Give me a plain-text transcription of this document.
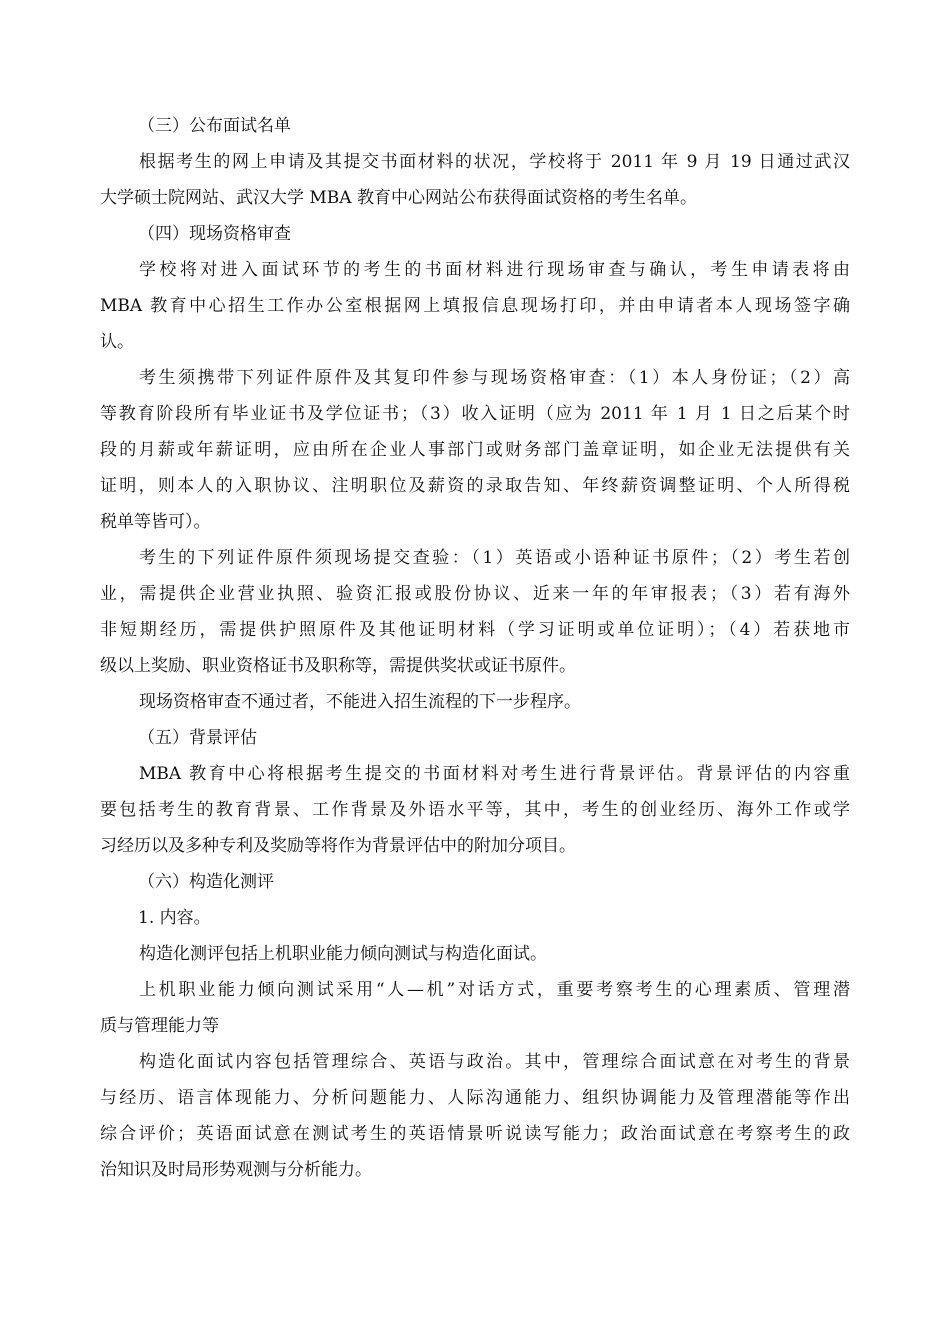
（三）公布面试名单
根据考生的网上申请及其提交书面材料的状况，学校将于 2011 年 9 月 19 日通过武汉
大学硕士院网站、武汉大学 MBA 教育中心网站公布获得面试资格的考生名单。
（四）现场资格审查
学校将对进入面试环节的考生的书面材料进行现场审查与确认，考生申请表将由
MBA 教育中心招生工作办公室根据网上填报信息现场打印，并由申请者本人现场签字确
认。
考生须携带下列证件原件及其复印件参与现场资格审查：（1）本人身份证；（2）高
等教育阶段所有毕业证书及学位证书；（3）收入证明（应为 2011 年 1 月 1 日之后某个时
段的月薪或年薪证明，应由所在企业人事部门或财务部门盖章证明，如企业无法提供有关
证明，则本人的入职协议、注明职位及薪资的录取告知、年终薪资调整证明、个人所得税
税单等皆可）。
考生的下列证件原件须现场提交查验：（1）英语或小语种证书原件；（2）考生若创
业，需提供企业营业执照、验资汇报或股份协议、近来一年的年审报表；（3）若有海外
非短期经历，需提供护照原件及其他证明材料（学习证明或单位证明）；（4）若获地市
级以上奖励、职业资格证书及职称等，需提供奖状或证书原件。
现场资格审查不通过者，不能进入招生流程的下一步程序。
（五）背景评估
MBA 教育中心将根据考生提交的书面材料对考生进行背景评估。背景评估的内容重
要包括考生的教育背景、工作背景及外语水平等，其中，考生的创业经历、海外工作或学
习经历以及多种专利及奖励等将作为背景评估中的附加分项目。
（六）构造化测评
1. 内容。
构造化测评包括上机职业能力倾向测试与构造化面试。
上机职业能力倾向测试采用“人—机”对话方式，重要考察考生的心理素质、管理潜
质与管理能力等
构造化面试内容包括管理综合、英语与政治。其中，管理综合面试意在对考生的背景
与经历、语言体现能力、分析问题能力、人际沟通能力、组织协调能力及管理潜能等作出
综合评价；英语面试意在测试考生的英语情景听说读写能力；政治面试意在考察考生的政
治知识及时局形势观测与分析能力。
